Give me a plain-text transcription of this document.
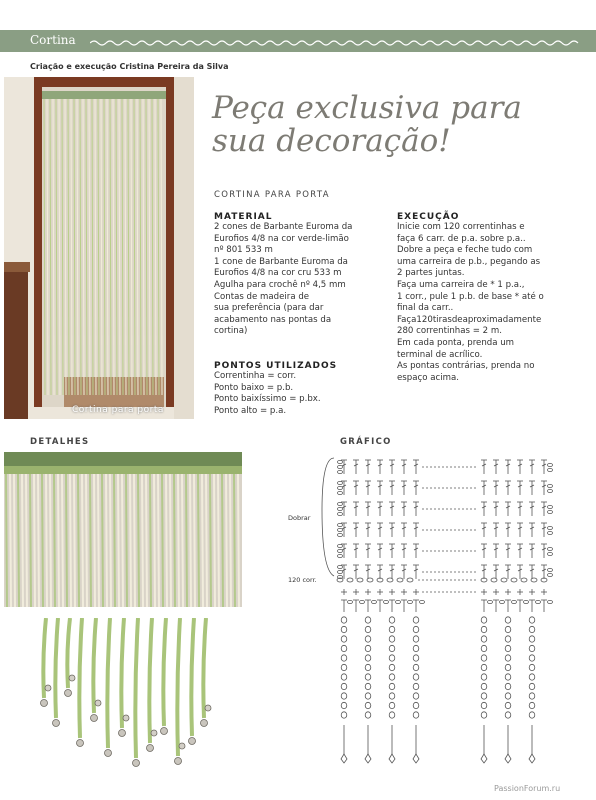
Cortina
Criação e execução Cristina Pereira da Silva
Cortina para porta
Peça exclusiva para
sua decoração!
CORTINA PARA PORTA
MATERIAL
2 cones de Barbante Euroma da
Eurofios 4/8 na cor verde-limão
nº 801 533 m
1 cone de Barbante Euroma da
Eurofios 4/8 na cor cru 533 m
Agulha para crochê nº 4,5 mm
Contas de madeira de
sua preferência (para dar
acabamento nas pontas da
cortina)
PONTOS UTILIZADOS
Correntinha = corr.
Ponto baixo = p.b.
Ponto baixíssimo = p.bx.
Ponto alto = p.a.
EXECUÇÃO
Inicie com 120 correntinhas e
faça 6 carr. de p.a. sobre p.a..
Dobre a peça e feche tudo com
uma carreira de p.b., pegando as
2 partes juntas.
Faça uma carreira de * 1 p.a.,
1 corr., pule 1 p.b. de base * até o
final da carr..
Faça120tirasdeaproximadamente
280 correntinhas = 2 m.
Em cada ponta, prenda um
terminal de acrílico.
As pontas contrárias, prenda no
espaço acima.
DETALHES	GRÁFICO
Dobrar
120 corr.
PassionForum.ru
